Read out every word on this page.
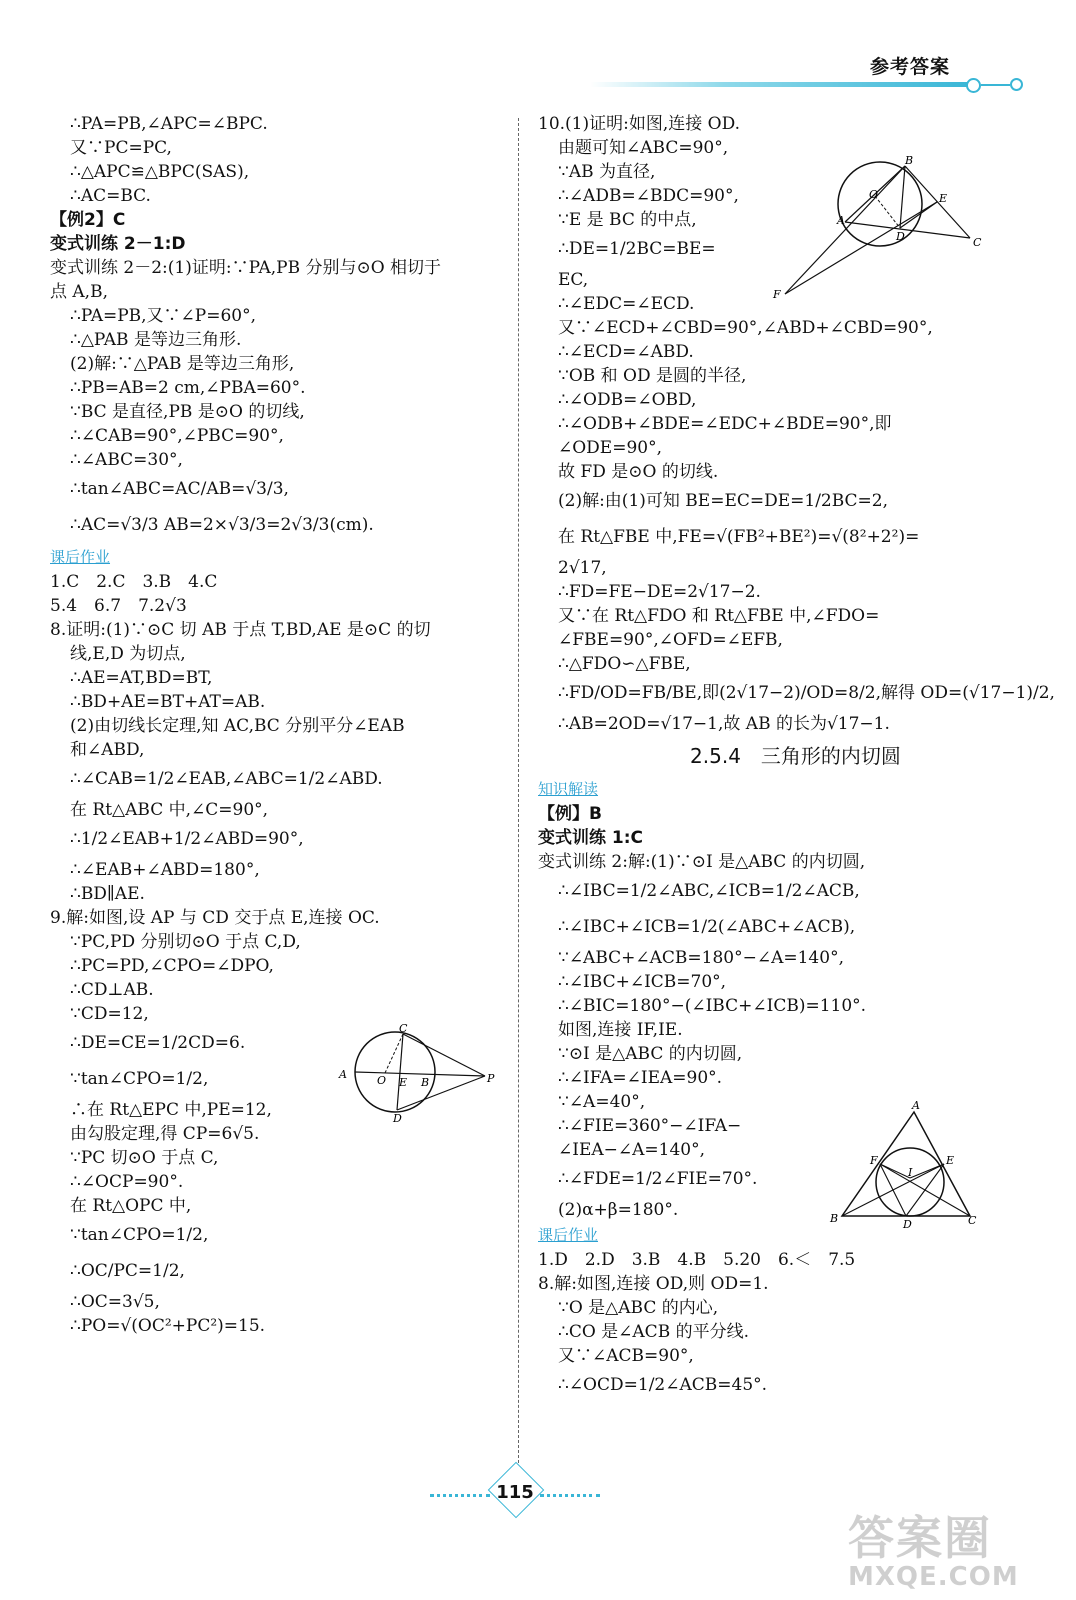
参考答案
∴PA=PB,∠APC=∠BPC.
又∵PC=PC,
∴△APC≌△BPC(SAS),
∴AC=BC.
【例2】C
变式训练 2－1:D
变式训练 2－2:(1)证明:∵PA,PB 分别与⊙O 相切于
点 A,B,
∴PA=PB,又∵∠P=60°,
∴△PAB 是等边三角形.
(2)解:∵△PAB 是等边三角形,
∴PB=AB=2 cm,∠PBA=60°.
∵BC 是直径,PB 是⊙O 的切线,
∴∠CAB=90°,∠PBC=90°,
∴∠ABC=30°,
∴tan∠ABC=AC/AB=√3/3,
∴AC=√3/3 AB=2×√3/3=2√3/3(cm).
课后作业
1.C　2.C　3.B　4.C
5.4　6.7　7.2√3
8.证明:(1)∵⊙C 切 AB 于点 T,BD,AE 是⊙C 的切
线,E,D 为切点,
∴AE=AT,BD=BT,
∴BD+AE=BT+AT=AB.
(2)由切线长定理,知 AC,BC 分别平分∠EAB
和∠ABD,
∴∠CAB=1/2∠EAB,∠ABC=1/2∠ABD.
在 Rt△ABC 中,∠C=90°,
∴1/2∠EAB+1/2∠ABD=90°,
∴∠EAB+∠ABD=180°,
∴BD∥AE.
9.解:如图,设 AP 与 CD 交于点 E,连接 OC.
∵PC,PD 分别切⊙O 于点 C,D,
∴PC=PD,∠CPO=∠DPO,
∴CD⊥AB.
∵CD=12,
∴DE=CE=1/2CD=6.
∵tan∠CPO=1/2,
∴在 Rt△EPC 中,PE=12,
由勾股定理,得 CP=6√5.
∵PC 切⊙O 于点 C,
∴∠OCP=90°.
在 Rt△OPC 中,
∵tan∠CPO=1/2,
∴OC/PC=1/2,
∴OC=3√5,
∴PO=√(OC²+PC²)=15.
10.(1)证明:如图,连接 OD.
由题可知∠ABC=90°,
∵AB 为直径,
∴∠ADB=∠BDC=90°,
∵E 是 BC 的中点,
∴DE=1/2BC=BE=
EC,
∴∠EDC=∠ECD.
又∵∠ECD+∠CBD=90°,∠ABD+∠CBD=90°,
∴∠ECD=∠ABD.
∵OB 和 OD 是圆的半径,
∴∠ODB=∠OBD,
∴∠ODB+∠BDE=∠EDC+∠BDE=90°,即
∠ODE=90°,
故 FD 是⊙O 的切线.
(2)解:由(1)可知 BE=EC=DE=1/2BC=2,
在 Rt△FBE 中,FE=√(FB²+BE²)=√(8²+2²)=
2√17,
∴FD=FE−DE=2√17−2.
又∵在 Rt△FDO 和 Rt△FBE 中,∠FDO=
∠FBE=90°,∠OFD=∠EFB,
∴△FDO∽△FBE,
∴FD/OD=FB/BE,即(2√17−2)/OD=8/2,解得 OD=(√17−1)/2,
∴AB=2OD=√17−1,故 AB 的长为√17−1.
2.5.4　三角形的内切圆
知识解读
【例】B
变式训练 1:C
变式训练 2:解:(1)∵⊙I 是△ABC 的内切圆,
∴∠IBC=1/2∠ABC,∠ICB=1/2∠ACB,
∴∠IBC+∠ICB=1/2(∠ABC+∠ACB),
∵∠ABC+∠ACB=180°−∠A=140°,
∴∠IBC+∠ICB=70°,
∴∠BIC=180°−(∠IBC+∠ICB)=110°.
如图,连接 IF,IE.
∵⊙I 是△ABC 的内切圆,
∴∠IFA=∠IEA=90°.
∵∠A=40°,
∴∠FIE=360°−∠IFA−
∠IEA−∠A=140°,
∴∠FDE=1/2∠FIE=70°.
(2)α+β=180°.
课后作业
1.D　2.D　3.B　4.B　5.20　6.＜　7.5
8.解:如图,连接 OD,则 OD=1.
∵O 是△ABC 的内心,
∴CO 是∠ACB 的平分线.
又∵∠ACB=90°,
∴∠OCD=1/2∠ACB=45°.
A	O E B	P
C
D
B
O	E
A
D	C
F
A
F	E
I
B	D	C
115
答案圈
MXQE.COM
